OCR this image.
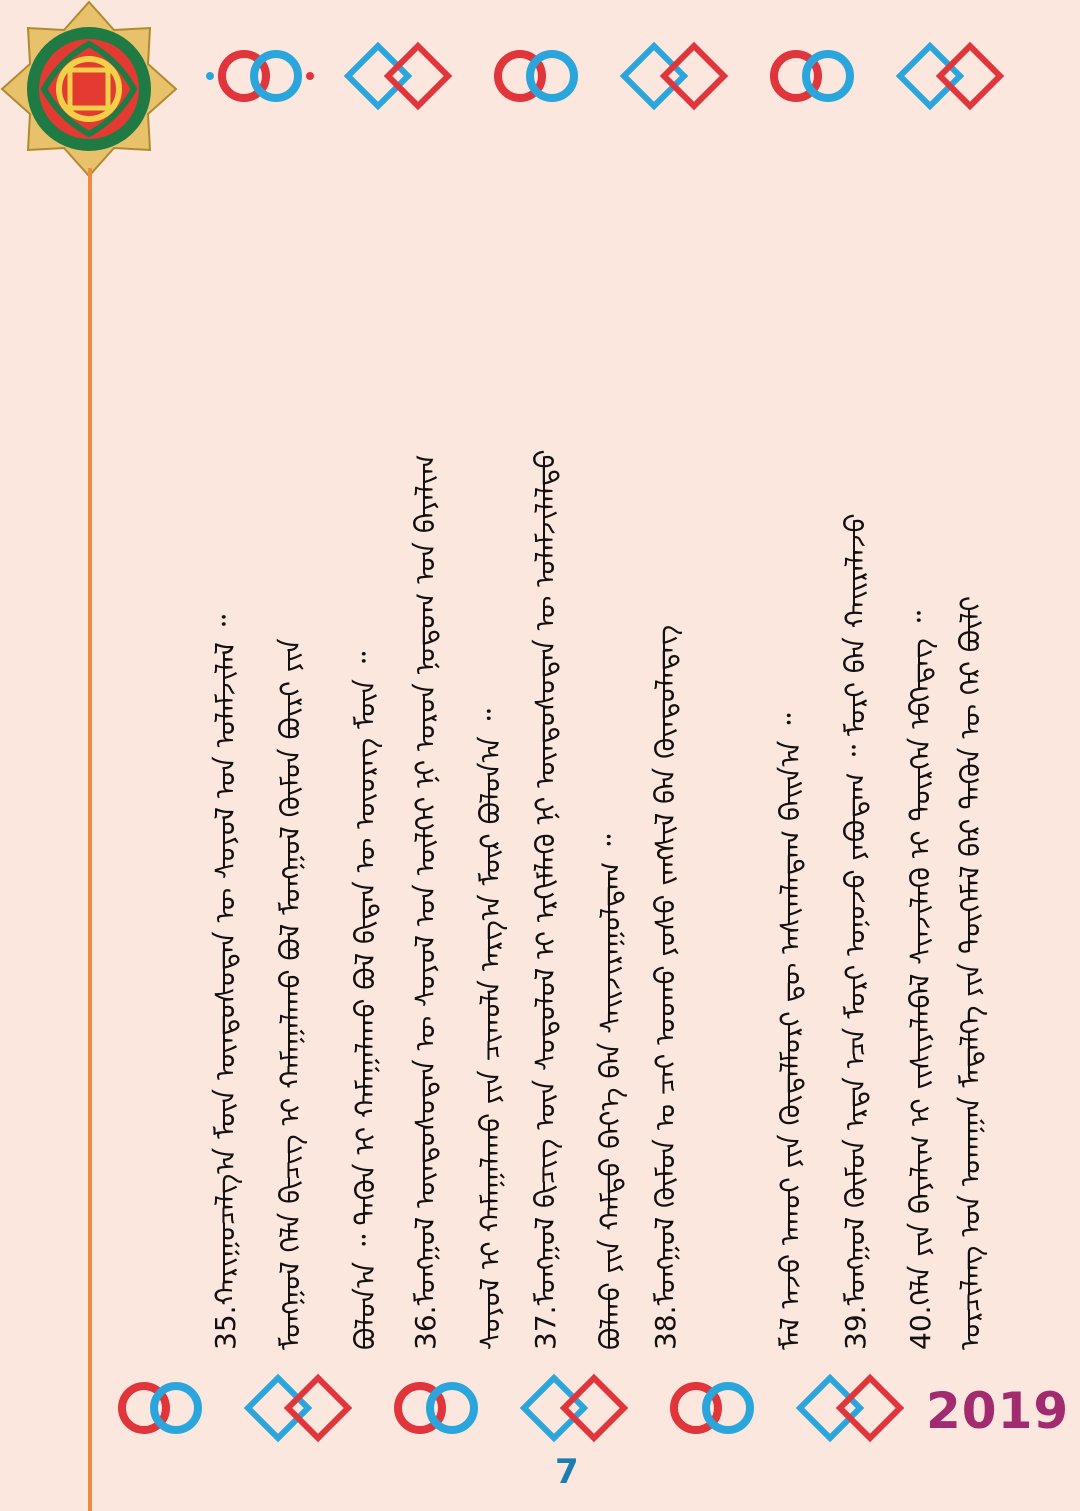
ᠣᠷᠴᠢᠯᠠᠩ ᠤᠨ ᠤᠬᠠᠭᠠᠨ ᠮᠡᠳᠡᠯᠭᠡ ᠶᠢᠨ ᠲᠦᠭᠡᠮᠡᠯ ᠪᠠᠷ ᠲᠡᠭᠦᠨ ᠦ ᠭᠡᠷ ᠪᠦᠯᠢ
40.ᠬᠡᠯᠡ ᠶᠢᠨ ᠪᠠᠶᠠᠯᠢᠭ ᠢ ᠵᠢᠰᠢᠶᠡᠯᠡᠪᠡᠯ ᠰᠢᠨᠵᠢᠯᠡᠬᠦ ᠢ ᠲᠦᠷᠭᠡᠨ ᠡᠪᠬᠡᠳᠡᠭ ᠃
39.ᠮᠤᠩᠭᠤᠯ ᠬᠦᠮᠦᠨ ᠡᠷᠲᠡ ᠡᠴᠡ ᠮᠤᠷᠢ ᠤᠨᠤᠵᠤ ᠶᠠᠪᠤᠳᠠᠭ ᠃ ᠮᠤᠷᠢ ᠪᠡᠨ ᠬᠠᠢᠷᠠᠯᠠᠵᠤ
ᠮᠠᠯ ᠠᠵᠤ ᠠᠬᠤᠢ ᠶᠢᠨ ᠬᠦᠳᠡᠯᠮᠦᠷᠢ ᠳᠦ ᠠᠰᠢᠭᠯᠠᠳᠠᠭ ᠪᠠᠢᠨ᠎ᠠ ᠃
38.ᠮᠤᠩᠭᠤᠯ ᠬᠦᠮᠦᠨ ᠤ ᠴᠠᠢ ᠤᠤᠬᠤ ᠶᠤᠰᠤ ᠵᠠᠩᠰᠢᠯ ᠪᠡᠨ ᠬᠦᠨᠳᠦᠯᠡᠳᠡᠭ
ᠪᠤᠯᠬᠤ ᠶᠢᠨ ᠬᠠᠮᠲᠤ ᠪᠡᠶ᠎ᠡ ᠪᠡᠨ ᠰᠠᠢᠵᠢᠷᠠᠭᠤᠯᠳᠠᠭ ᠃
37.ᠮᠤᠩᠭᠤᠯ ᠪᠢᠴᠢᠭ ᠦᠨ ᠰᠤᠳᠤᠯᠤᠯ ᠢ ᠡᠷᠬᠢᠮᠯᠡᠬᠦ ᠨᠢ ᠦᠨᠳᠦᠰᠦᠲᠡᠨ ᠦ ᠤᠯᠠᠮᠵᠢᠯᠠᠯᠲᠤ
ᠰᠣᠶᠣᠯ ᠢ ᠬᠠᠮᠠᠭᠠᠯᠠᠬᠤ ᠶᠢᠨ ᠴᠢᠬᠤᠯᠠ ᠠᠷᠭ᠎ᠠ ᠮᠥᠷ ᠪᠣᠯᠤᠨ᠎ᠠ ᠃
36.ᠮᠣᠩᠭᠣᠯ ᠦᠨᠳᠦᠰᠦᠲᠡᠨ ᠦ ᠰᠣᠶᠣᠯ ᠤᠨ ᠦᠯᠭᠡᠢ ᠨᠢ ᠣᠷᠣᠨ ᠨᠤᠲᠤᠭ ᠤᠨ ᠪᠠᠶᠠᠯᠢᠭ
ᠪᠣᠯᠣᠨ᠎ᠠ ᠃ ᠲᠡᠭᠦᠨ ᠢ ᠬᠠᠮᠠᠭᠠᠯᠠᠬᠤ ᠪᠣᠯ ᠪᠢᠳᠡᠨ ᠦ ᠦᠦᠷᠡᠭ ᠮᠦᠨ ᠃
ᠮᠣᠩᠭᠣᠯ ᠬᠡᠯᠡ ᠪᠢᠴᠢᠭ ᠢ ᠬᠠᠮᠠᠭᠠᠯᠠᠬᠤ ᠪᠣᠯ ᠮᠣᠩᠭᠣᠯ ᠬᠦᠮᠦᠨ ᠪᠦᠷᠢ ᠶᠢᠨ
35.ᠬᠠᠷᠢᠭᠤᠴᠠᠯᠭ᠎ᠠ ᠮᠥᠨ ᠦᠨᠳᠦᠰᠦᠲᠡᠨ ᠦ ᠰᠣᠶᠣᠯ ᠤᠨ ᠤᠯᠠᠮᠵᠢᠯᠠᠯ ᠃
2019
7
